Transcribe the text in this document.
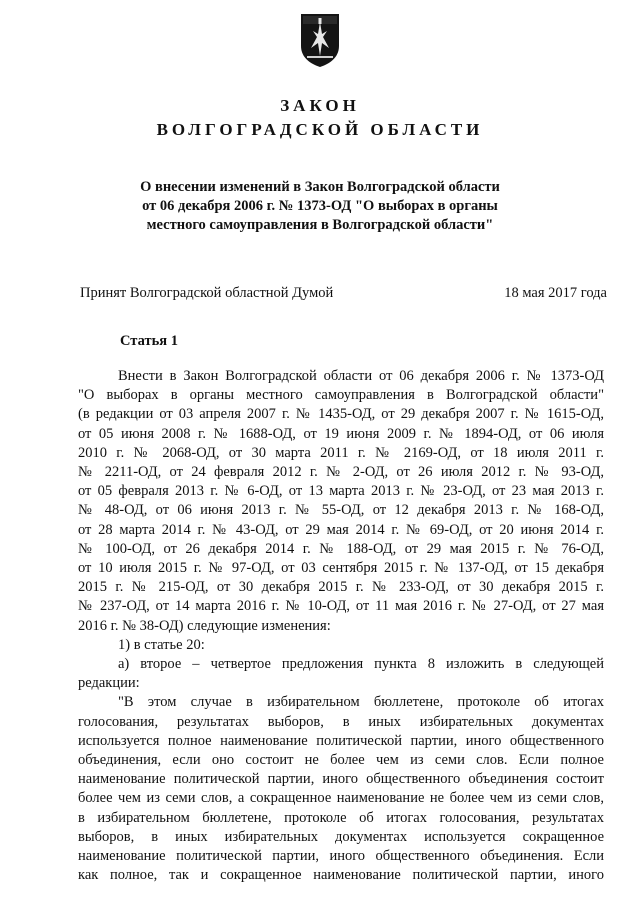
ЗАКОН
ВОЛГОГРАДСКОЙ ОБЛАСТИ
О внесении изменений в Закон Волгоградской области
от 06 декабря 2006 г. № 1373-ОД "О выборах в органы
местного самоуправления в Волгоградской области"
Принят Волгоградской областной Думой	18 мая 2017 года
Статья 1
Внести в Закон Волгоградской области от 06 декабря 2006 г. № 1373-ОД
"О выборах в органы местного самоуправления в Волгоградской области"
(в редакции от 03 апреля 2007 г. № 1435-ОД, от 29 декабря 2007 г. № 1615-ОД,
от 05 июня 2008 г. № 1688-ОД, от 19 июня 2009 г. № 1894-ОД, от 06 июля
2010 г. № 2068-ОД, от 30 марта 2011 г. № 2169-ОД, от 18 июля 2011 г.
№ 2211-ОД, от 24 февраля 2012 г. № 2-ОД, от 26 июля 2012 г. № 93-ОД,
от 05 февраля 2013 г. № 6-ОД, от 13 марта 2013 г. № 23-ОД, от 23 мая 2013 г.
№ 48-ОД, от 06 июня 2013 г. № 55-ОД, от 12 декабря 2013 г. № 168-ОД,
от 28 марта 2014 г. № 43-ОД, от 29 мая 2014 г. № 69-ОД, от 20 июня 2014 г.
№ 100-ОД, от 26 декабря 2014 г. № 188-ОД, от 29 мая 2015 г. № 76-ОД,
от 10 июля 2015 г. № 97-ОД, от 03 сентября 2015 г. № 137-ОД, от 15 декабря
2015 г. № 215-ОД, от 30 декабря 2015 г. № 233-ОД, от 30 декабря 2015 г.
№ 237-ОД, от 14 марта 2016 г. № 10-ОД, от 11 мая 2016 г. № 27-ОД, от 27 мая
2016 г. № 38-ОД) следующие изменения:
1) в статье 20:
а) второе – четвертое предложения пункта 8 изложить в следующей
редакции:
"В этом случае в избирательном бюллетене, протоколе об итогах
голосования, результатах выборов, в иных избирательных документах
используется полное наименование политической партии, иного общественного
объединения, если оно состоит не более чем из семи слов. Если полное
наименование политической партии, иного общественного объединения состоит
более чем из семи слов, а сокращенное наименование не более чем из семи слов,
в избирательном бюллетене, протоколе об итогах голосования, результатах
выборов, в иных избирательных документах используется сокращенное
наименование политической партии, иного общественного объединения. Если
как полное, так и сокращенное наименование политической партии, иного
